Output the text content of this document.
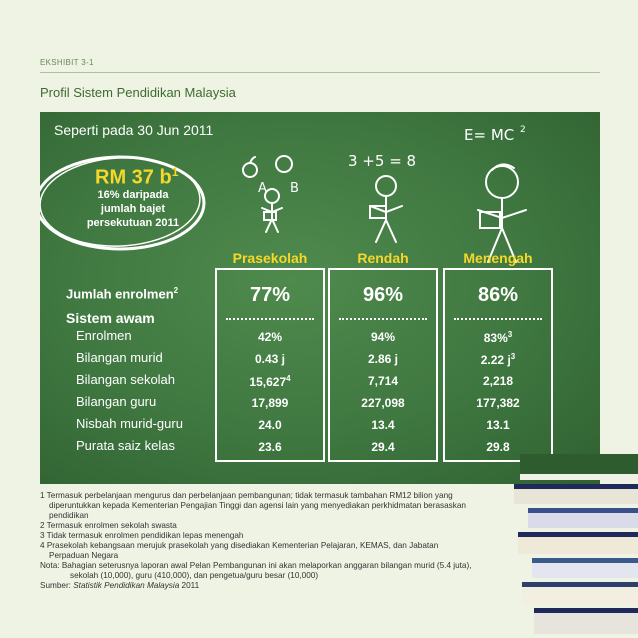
EKSHIBIT 3-1
Profil Sistem Pendidikan Malaysia
Seperti pada 30 Jun 2011
RM 37 $b^1$
16% daripada
jumlah bajet
persekutuan 2011
A B
3 +5 = 8
E= MC 2
Prasekolah	Rendah	Menengah
Jumlah enrolmen$^2$
Sistem awam
Enrolmen
Bilangan murid
Bilangan sekolah
Bilangan guru
Nisbah murid-guru
Purata saiz kelas
77%
42%
0.43 j
15,627$^4$
17,899
24.0
23.6
96%
94%
2.86 j
7,714
227,098
13.4
29.4
86%
83%$^3$
2.22 $j^3$
2,218
177,382
13.1
29.8

1 Termasuk perbelanjaan mengurus dan perbelanjaan pembangunan; tidak termasuk tambahan RM12 bilion yang

diperuntukkan kepada Kementerian Pengajian Tinggi dan agensi lain yang menyediakan perkhidmatan berasaskan

pendidikan

2 Termasuk enrolmen sekolah swasta

3 Tidak termasuk enrolmen pendidikan lepas menengah

4 Prasekolah kebangsaan merujuk prasekolah yang disediakan Kementerian Pelajaran, KEMAS, dan Jabatan

Perpaduan Negara

Nota: Bahagian seterusnya laporan awal Pelan Pembangunan ini akan melaporkan anggaran bilangan murid (5.4 juta),

sekolah (10,000), guru (410,000), dan pengetua/guru besar (10,000)

Sumber: Statistik Pendidikan Malaysia 2011
